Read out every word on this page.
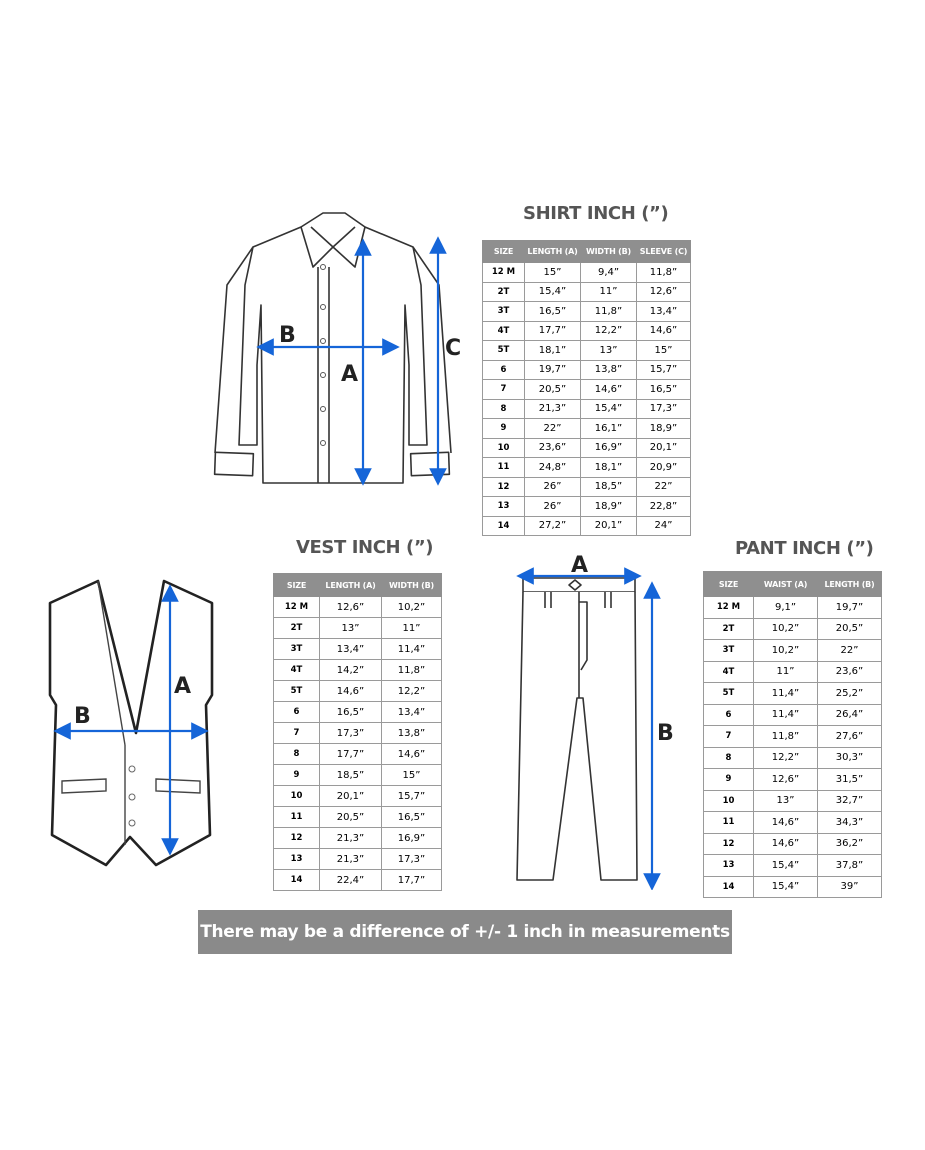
B
A
C
SHIRT INCH (”)
SIZE	LENGTH (A)	WIDTH (B)	SLEEVE (C)
12 M	15”	9,4”	11,8”
2T	15,4”	11”	12,6”
3T	16,5”	11,8”	13,4”
4T	17,7”	12,2”	14,6”
5T	18,1”	13”	15”
6	19,7”	13,8”	15,7”
7	20,5”	14,6”	16,5”
8	21,3”	15,4”	17,3”
9	22”	16,1”	18,9”
10	23,6”	16,9”	20,1”
11	24,8”	18,1”	20,9”
12	26”	18,5”	22”
13	26”	18,9”	22,8”
14	27,2”	20,1”	24”
B
A
VEST INCH (”)
SIZE	LENGTH (A)	WIDTH (B)
12 M	12,6”	10,2”
2T	13”	11”
3T	13,4”	11,4”
4T	14,2”	11,8”
5T	14,6”	12,2”
6	16,5”	13,4”
7	17,3”	13,8”
8	17,7”	14,6”
9	18,5”	15”
10	20,1”	15,7”
11	20,5”	16,5”
12	21,3”	16,9”
13	21,3”	17,3”
14	22,4”	17,7”
A
B
PANT INCH (”)
SIZE	WAIST (A)	LENGTH (B)
12 M	9,1”	19,7”
2T	10,2”	20,5”
3T	10,2”	22”
4T	11”	23,6”
5T	11,4”	25,2”
6	11,4”	26,4”
7	11,8”	27,6”
8	12,2”	30,3”
9	12,6”	31,5”
10	13”	32,7”
11	14,6”	34,3”
12	14,6”	36,2”
13	15,4”	37,8”
14	15,4”	39”
There may be a difference of +/- 1 inch in measurements
